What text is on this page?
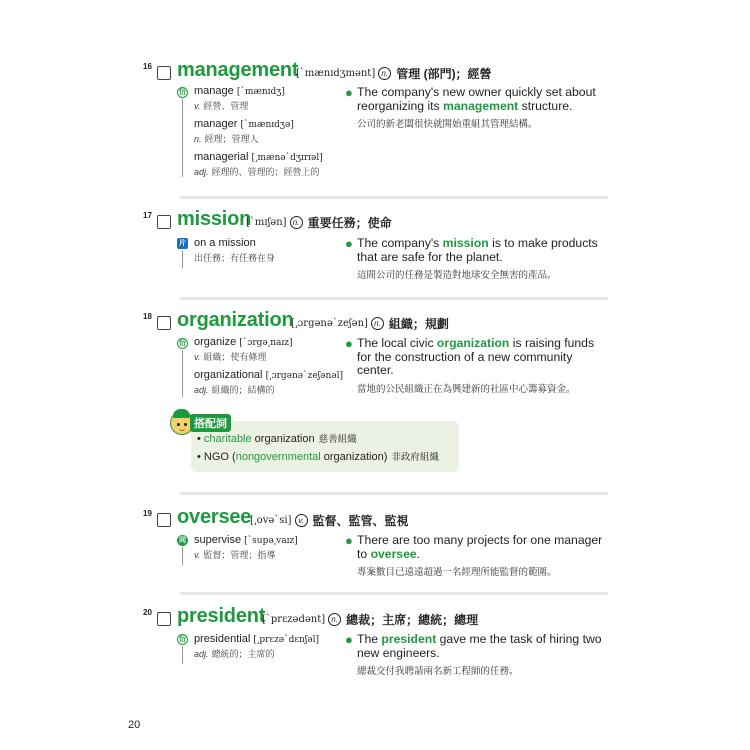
16 management
[ˋmænɪdʒmənt] n. 管理 (部門)；經營
衍 manage [ˋmænɪdʒ]
v. 經營、管理
manager [ˋmænɪdʒə]
n. 經理；管理人
managerial [͵mænəˋdʒɪrɪəl]
adj. 經理的、管理的；經營上的
● The company's new owner quickly set about reorganizing its management structure.
公司的新老闆很快就開始重組其管理結構。
17 mission
[ˋmɪʃən] n. 重要任務；使命
片 on a mission
出任務；有任務在身
● The company's mission is to make products that are safe for the planet.
這間公司的任務是製造對地球安全無害的產品。
18 organization
[͵ɔrgənəˋzeʃən] n. 組織；規劃
衍 organize [ˋɔrgə͵naɪz]
v. 組織；使有條理
organizational [͵ɔrgənəˋzeʃənəl]
adj. 組織的；結構的
● The local civic organization is raising funds for the construction of a new community center.
當地的公民組織正在為興建新的社區中心籌募資金。
搭配詞
• charitable organization 慈善組織
• NGO (nongovernmental organization) 非政府組織
19 oversee
[͵ovəˋsi] v. 監督、監管、監視
同 supervise [ˋsupə͵vaɪz]
v. 監督；管理；指導
● There are too many projects for one manager to oversee.
專案數目已遠遠超過一名經理所能監督的範圍。
20 president
[ˋprɛzədənt] n. 總裁；主席；總統；總理
衍 presidential [͵prɛzəˋdɛnʃəl]
adj. 總統的；主席的
● The president gave me the task of hiring two new engineers.
總裁交付我聘請兩名新工程師的任務。
20
